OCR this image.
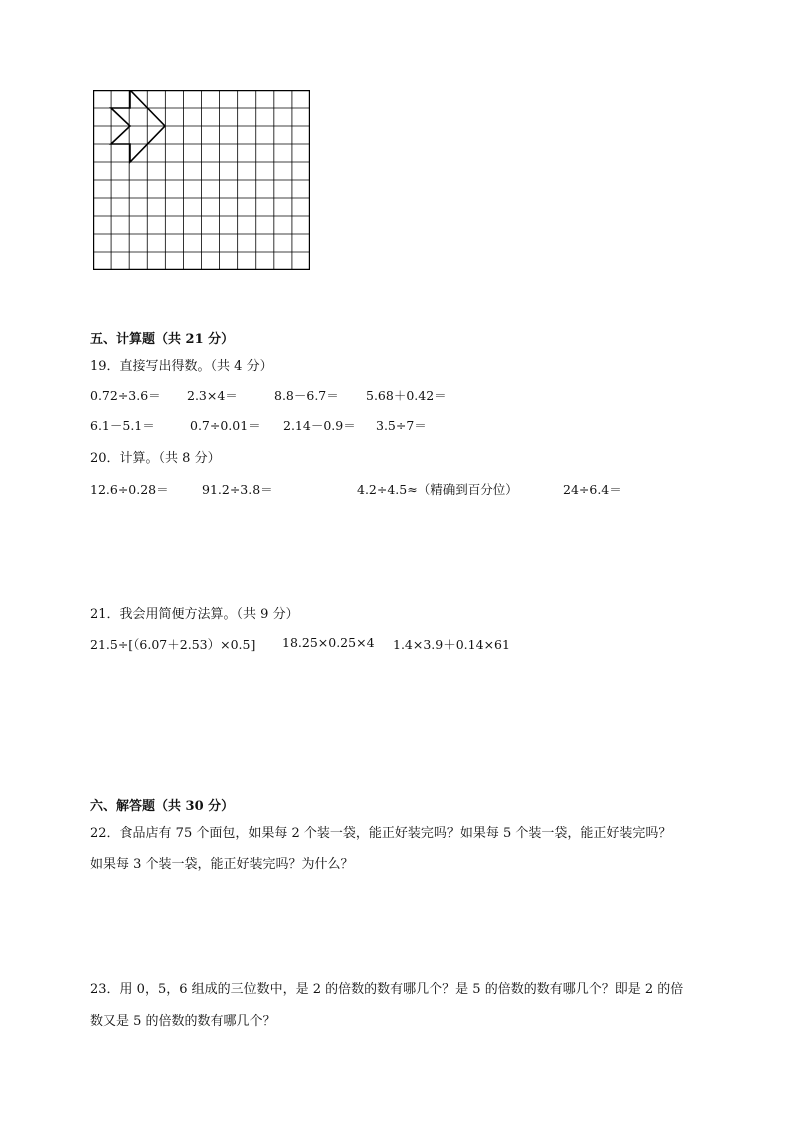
五、计算题（共 21 分）
19．直接写出得数。（共 4 分）
0.72÷3.6＝ 2.3×4＝	8.8－6.7＝ 5.68＋0.42＝
6.1－5.1＝	0.7÷0.01＝ 2.14－0.9＝ 3.5÷7＝
20．计算。（共 8 分）
12.6÷0.28＝	91.2÷3.8＝	4.2÷4.5≈（精确到百分位）	24÷6.4＝
21．我会用简便方法算。（共 9 分）
21.5÷[（6.07＋2.53）×0.5] 18.25×0.25×4 1.4×3.9＋0.14×61
六、解答题（共 30 分）
22．食品店有 75 个面包，如果每 2 个装一袋，能正好装完吗？如果每 5 个装一袋，能正好装完吗？
如果每 3 个装一袋，能正好装完吗？为什么？
23．用 0，5，6 组成的三位数中，是 2 的倍数的数有哪几个？是 5 的倍数的数有哪几个？即是 2 的倍
数又是 5 的倍数的数有哪几个？
